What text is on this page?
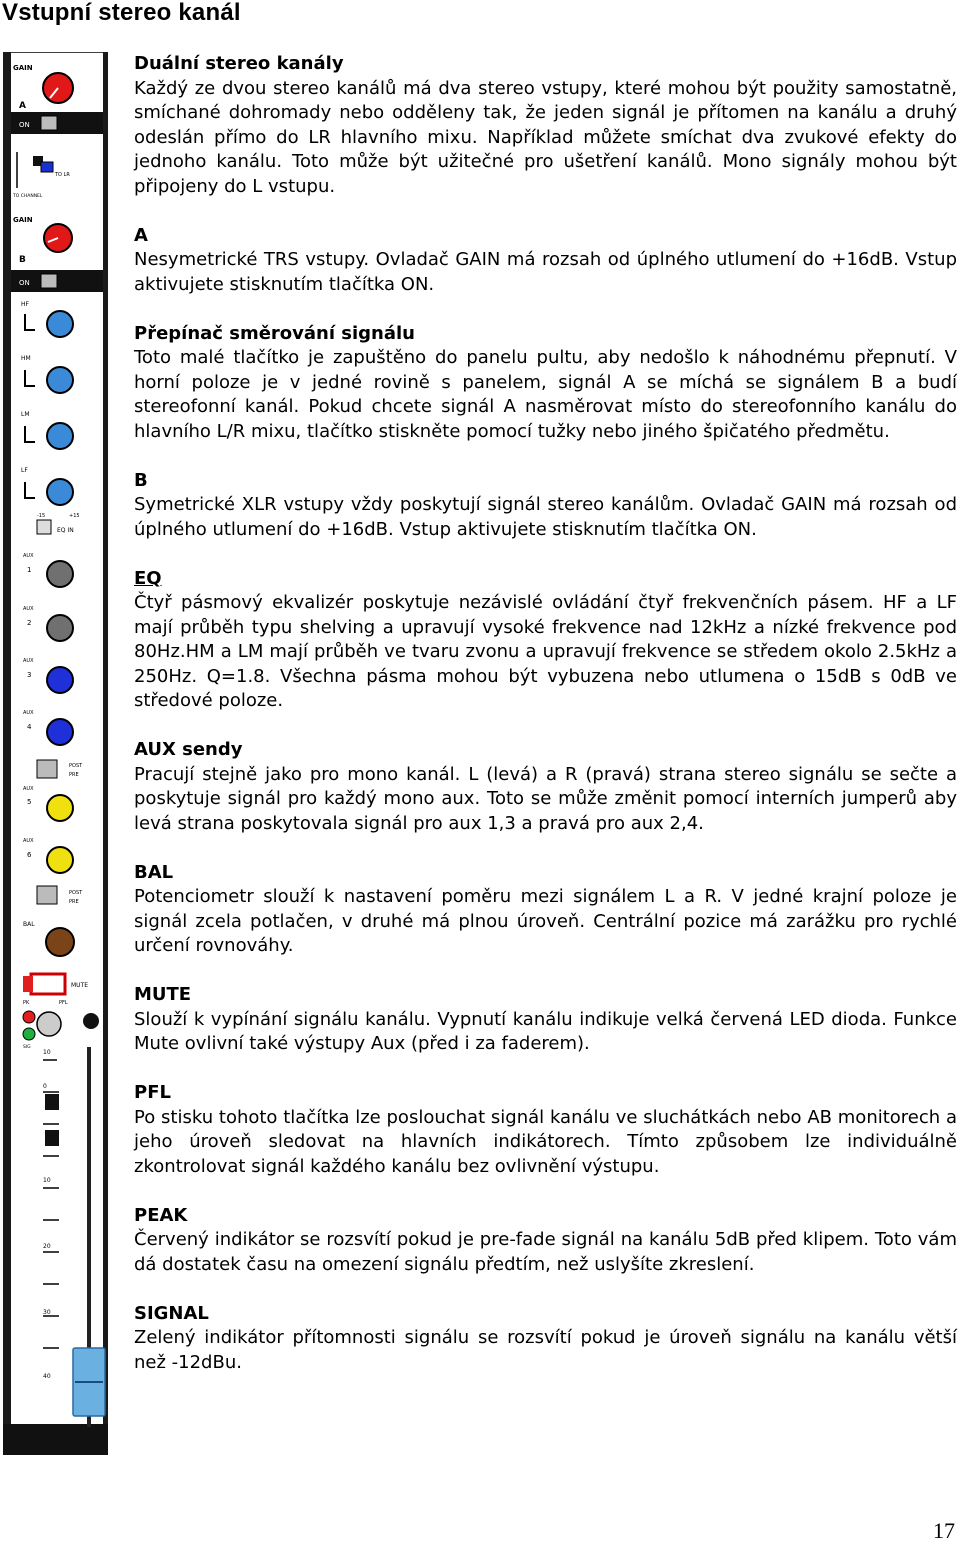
Vstupní stereo kanál
GAIN
A
ON
TO LR
TO CHANNEL
GAIN
B
ON
HF
HM
LM
LF
-15	+15
EQ IN
AUX
1
AUX
2
AUX
3
AUX
4
POST
PRE
AUX
5
AUX
6
POST
PRE
BAL
MUTE
PK	PFL
SIG
10
0
10
20
30
40
Duální stereo kanály

Každý ze dvou stereo kanálů má dva stereo vstupy, které mohou být použity samostatně, smíchané dohromady nebo odděleny tak, že jeden signál je přítomen na kanálu a druhý odeslán přímo do LR hlavního mixu. Například můžete smíchat dva zvukové efekty do jednoho kanálu. Toto může být užitečné pro ušetření kanálů. Mono signály mohou být připojeny do L vstupu.

A

Nesymetrické TRS vstupy. Ovladač GAIN má rozsah od úplného utlumení do +16dB. Vstup aktivujete stisknutím tlačítka ON.

Přepínač směrování signálu

Toto malé tlačítko je zapuštěno do panelu pultu, aby nedošlo k náhodnému přepnutí. V horní poloze je v jedné rovině s panelem, signál A se míchá se signálem B a budí stereofonní kanál. Pokud chcete signál A nasměrovat místo do stereofonního kanálu do hlavního L/R mixu, tlačítko stiskněte pomocí tužky nebo jiného špičatého předmětu.

B

Symetrické XLR vstupy vždy poskytují signál stereo kanálům. Ovladač GAIN má rozsah od úplného utlumení do +16dB. Vstup aktivujete stisknutím tlačítka ON.

EQ

Čtyř pásmový ekvalizér poskytuje nezávislé ovládání čtyř frekvenčních pásem. HF a LF mají průběh typu shelving a upravují vysoké frekvence nad 12kHz a nízké frekvence pod 80Hz.HM a LM mají průběh ve tvaru zvonu a upravují frekvence se středem okolo 2.5kHz a 250Hz. Q=1.8. Všechna pásma mohou být vybuzena nebo utlumena o 15dB s 0dB ve středové poloze.

AUX sendy

Pracují stejně jako pro mono kanál. L (levá) a R (pravá) strana stereo signálu se sečte a poskytuje signál pro každý mono aux. Toto se může změnit pomocí interních jumperů aby levá strana poskytovala signál pro aux 1,3 a pravá pro aux 2,4.

BAL

Potenciometr slouží k nastavení poměru mezi signálem L a R. V jedné krajní poloze je signál zcela potlačen, v druhé má plnou úroveň. Centrální pozice má zarážku pro rychlé určení rovnováhy.

MUTE

Slouží k vypínání signálu kanálu. Vypnutí kanálu indikuje velká červená LED dioda. Funkce Mute ovlivní také výstupy Aux (před i za faderem).

PFL

Po stisku tohoto tlačítka lze poslouchat signál kanálu ve sluchátkách nebo AB monitorech a jeho úroveň sledovat na hlavních indikátorech. Tímto způsobem lze individuálně zkontrolovat signál každého kanálu bez ovlivnění výstupu.

PEAK

Červený indikátor se rozsvítí pokud je pre-fade signál na kanálu 5dB před klipem. Toto vám dá dostatek času na omezení signálu předtím, než uslyšíte zkreslení.

SIGNAL

Zelený indikátor přítomnosti signálu se rozsvítí pokud je úroveň signálu na kanálu větší než -12dBu.

17
